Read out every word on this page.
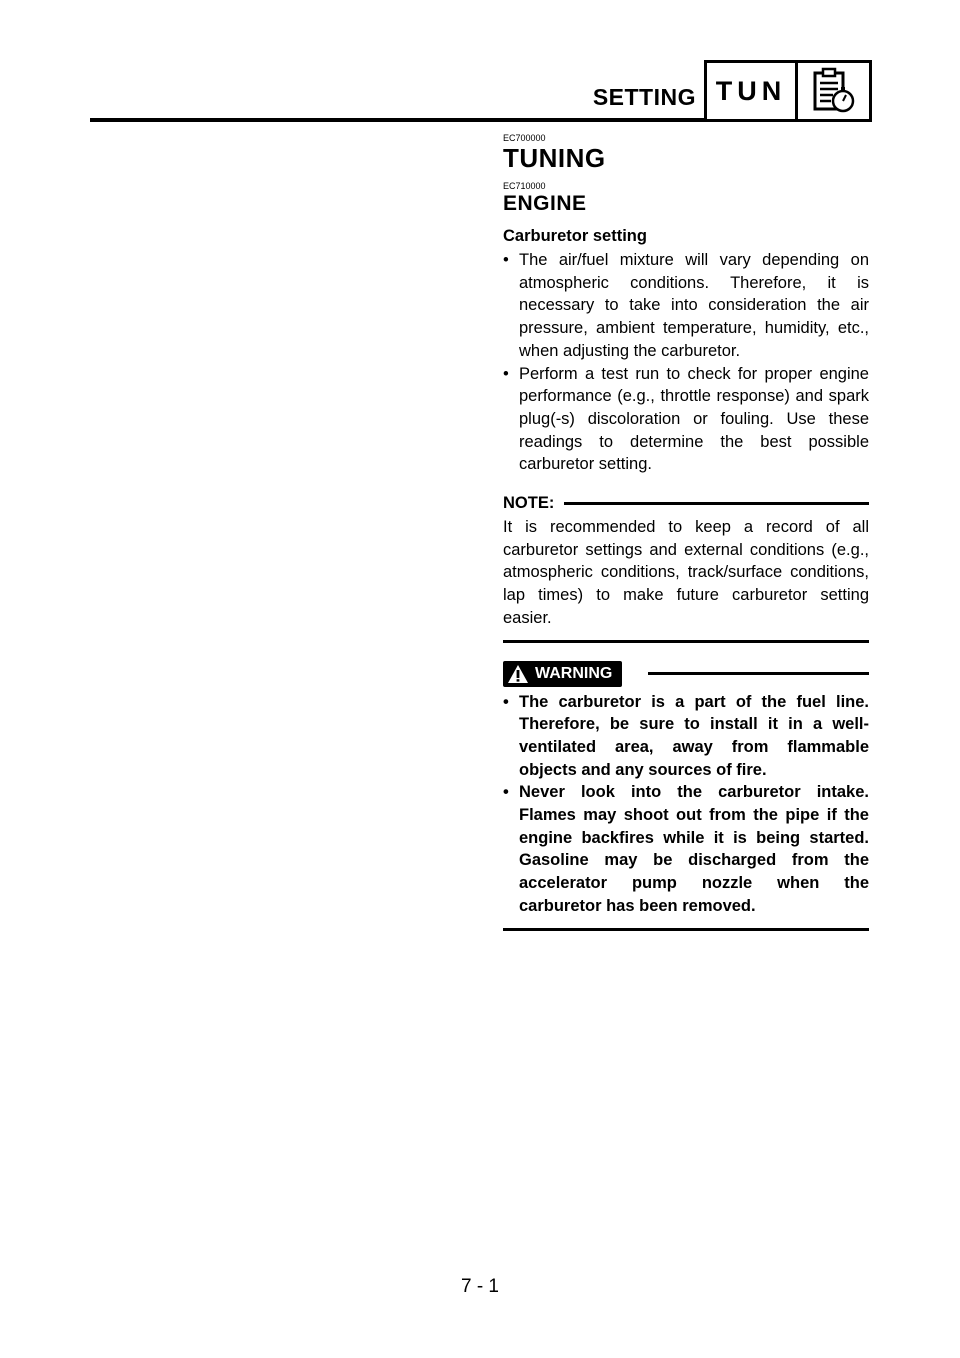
SETTING TUN
EC700000
TUNING
EC710000
ENGINE
Carburetor setting

• The air/fuel mixture will vary depending on atmospheric conditions. Therefore, it is necessary to take into consideration the air pressure, ambient temperature, humidity, etc., when adjusting the carburetor.

• Perform a test run to check for proper engine performance (e.g., throttle response) and spark plug(-s) discoloration or fouling. Use these readings to determine the best possible carburetor setting.

NOTE:
It is recommended to keep a record of all carburetor settings and external conditions (e.g., atmospheric conditions, track/surface conditions, lap times) to make future carburetor setting easier.
WARNING

• The carburetor is a part of the fuel line. Therefore, be sure to install it in a well-ventilated area, away from flammable objects and any sources of fire.

• Never look into the carburetor intake. Flames may shoot out from the pipe if the engine backfires while it is being started. Gasoline may be discharged from the accelerator pump nozzle when the carburetor has been removed.

7 - 1
